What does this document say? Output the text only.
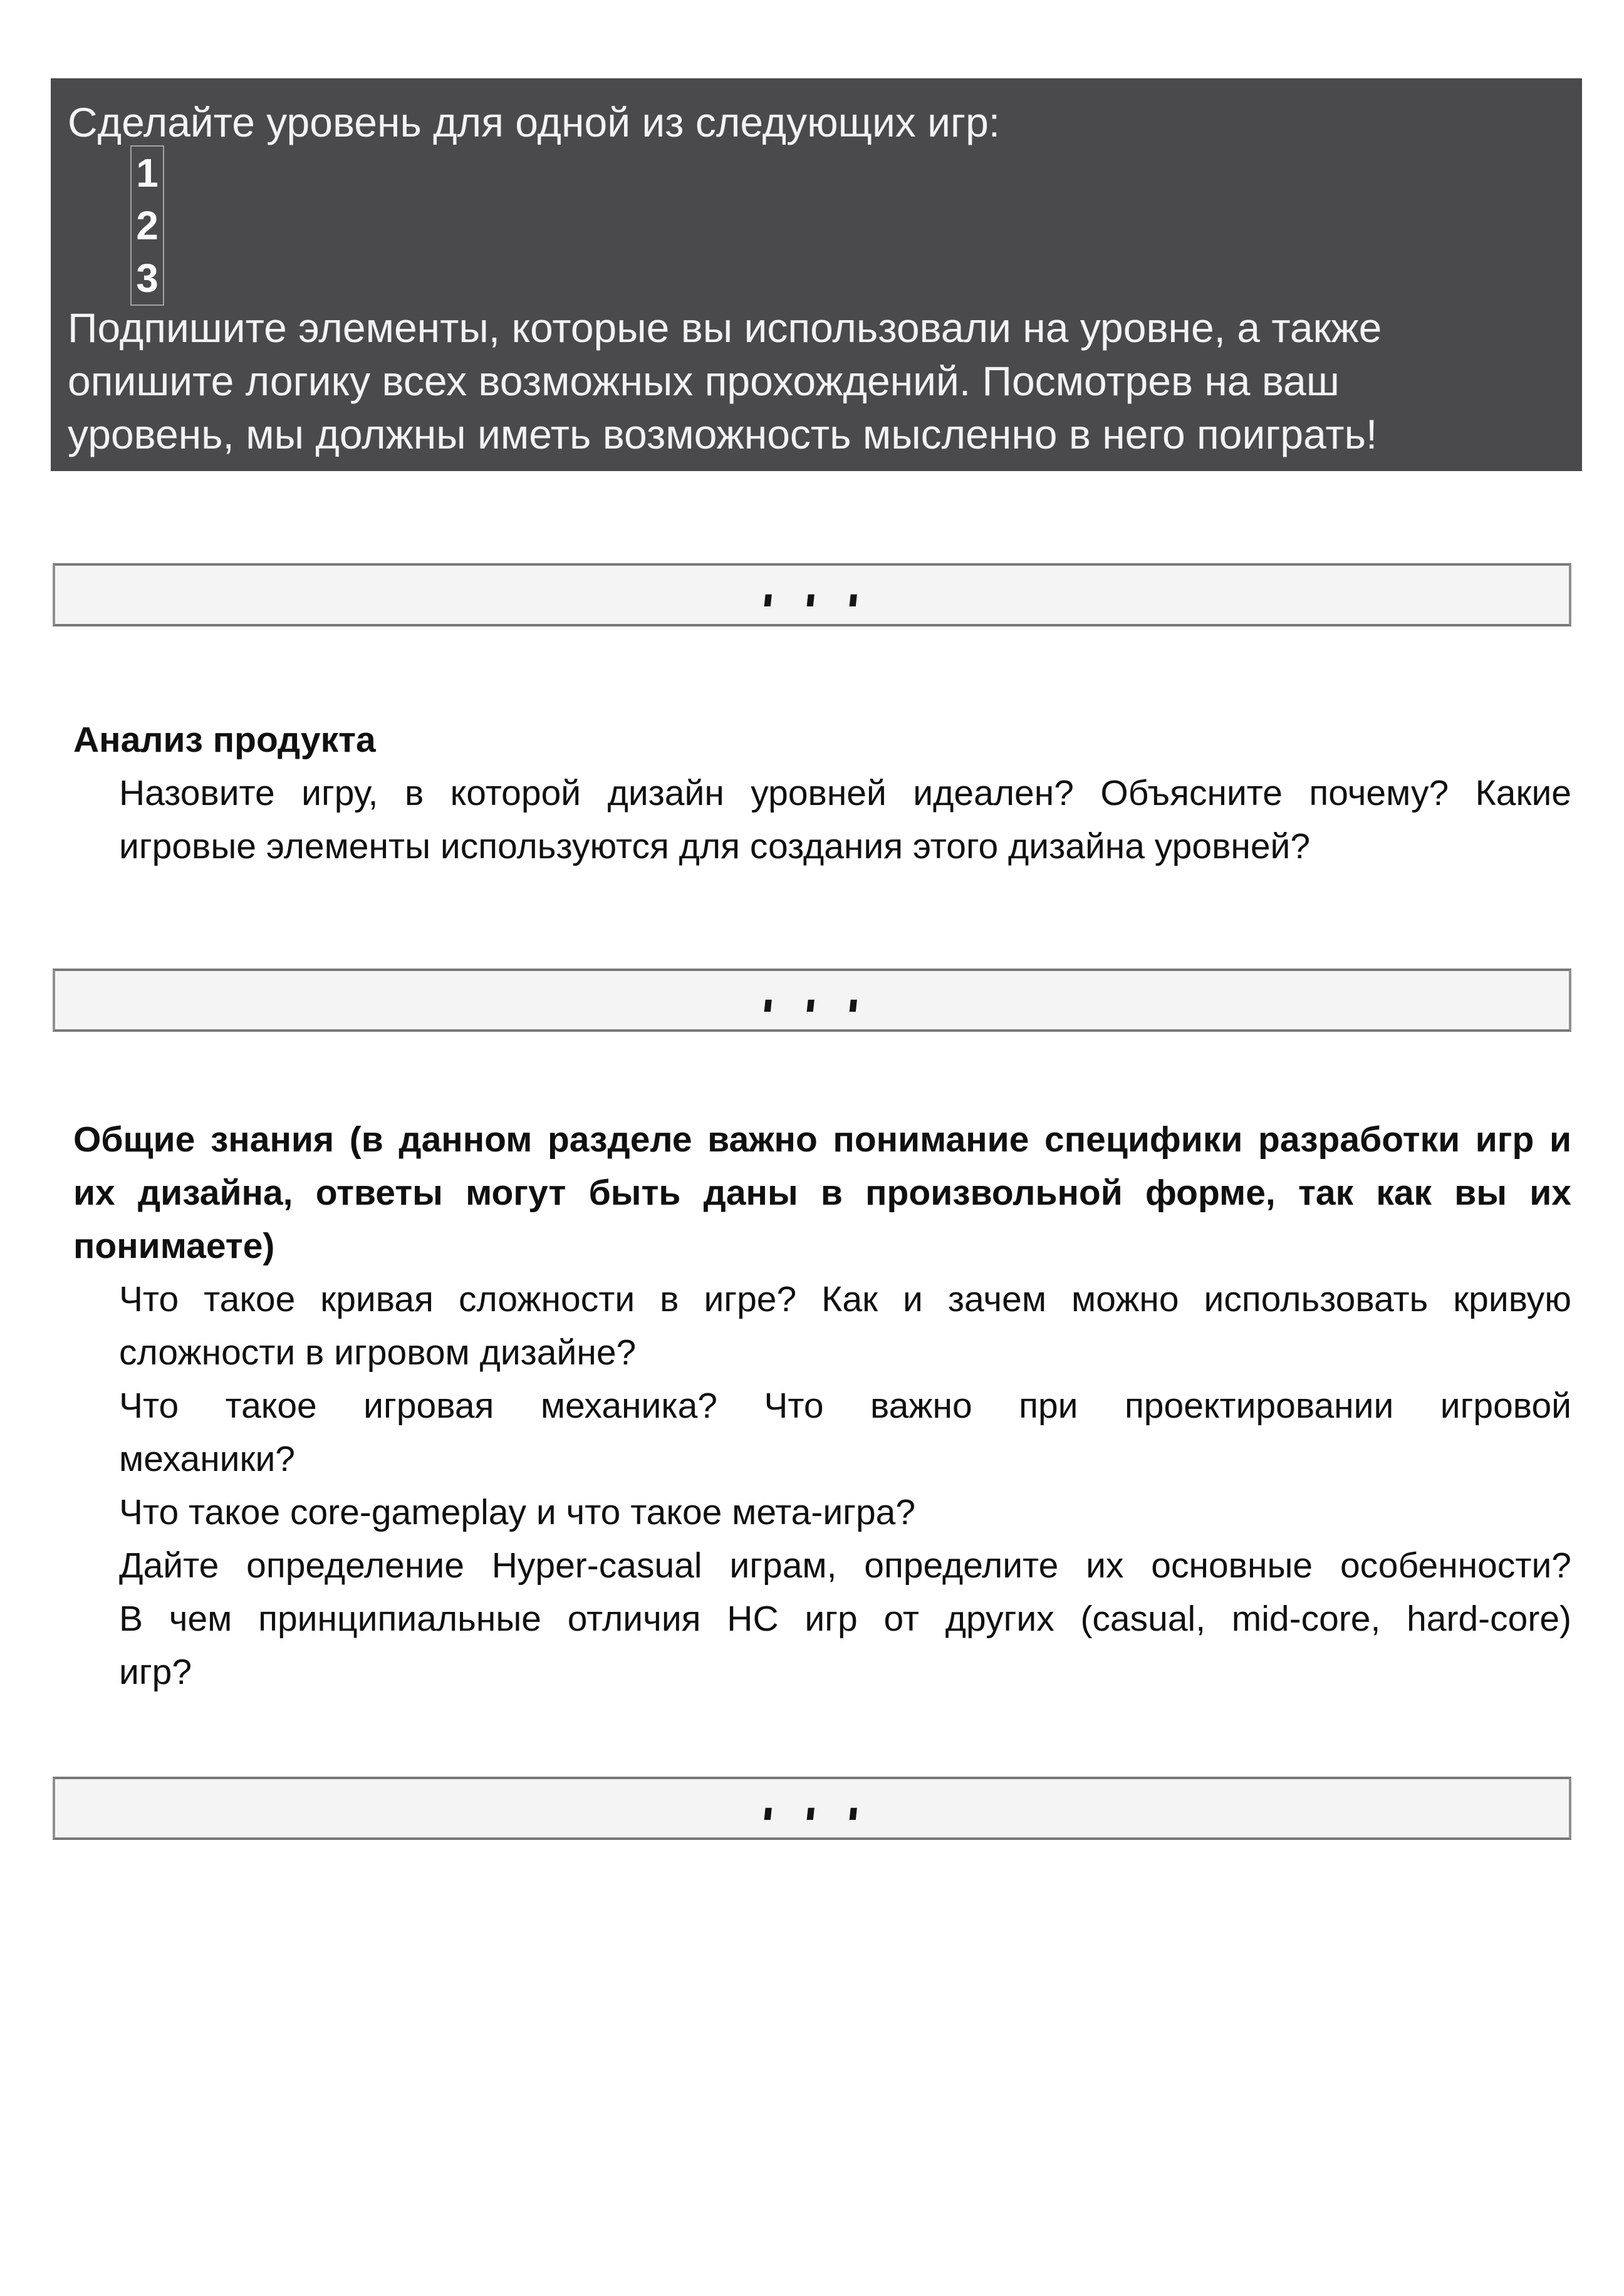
Сделайте уровень для одной из следующих игр:
1
2
3
Подпишите элементы, которые вы использовали на уровне, а также
опишите логику всех возможных прохождений. Посмотрев на ваш
уровень, мы должны иметь возможность мысленно в него поиграть!
...
Анализ продукта
Назовите игру, в которой дизайн уровней идеален? Объясните почему? Какие
игровые элементы используются для создания этого дизайна уровней?
...
Общие знания (в данном разделе важно понимание специфики разработки игр и
их дизайна, ответы могут быть даны в произвольной форме, так как вы их
понимаете)
Что такое кривая сложности в игре? Как и зачем можно использовать кривую
сложности в игровом дизайне?
Что такое игровая механика? Что важно при проектировании игровой
механики?
Что такое core-gameplay и что такое мета-игра?
Дайте определение Hyper-casual играм, определите их основные особенности?
В чем принципиальные отличия HC игр от других (casual, mid-core, hard-core)
игр?
...
